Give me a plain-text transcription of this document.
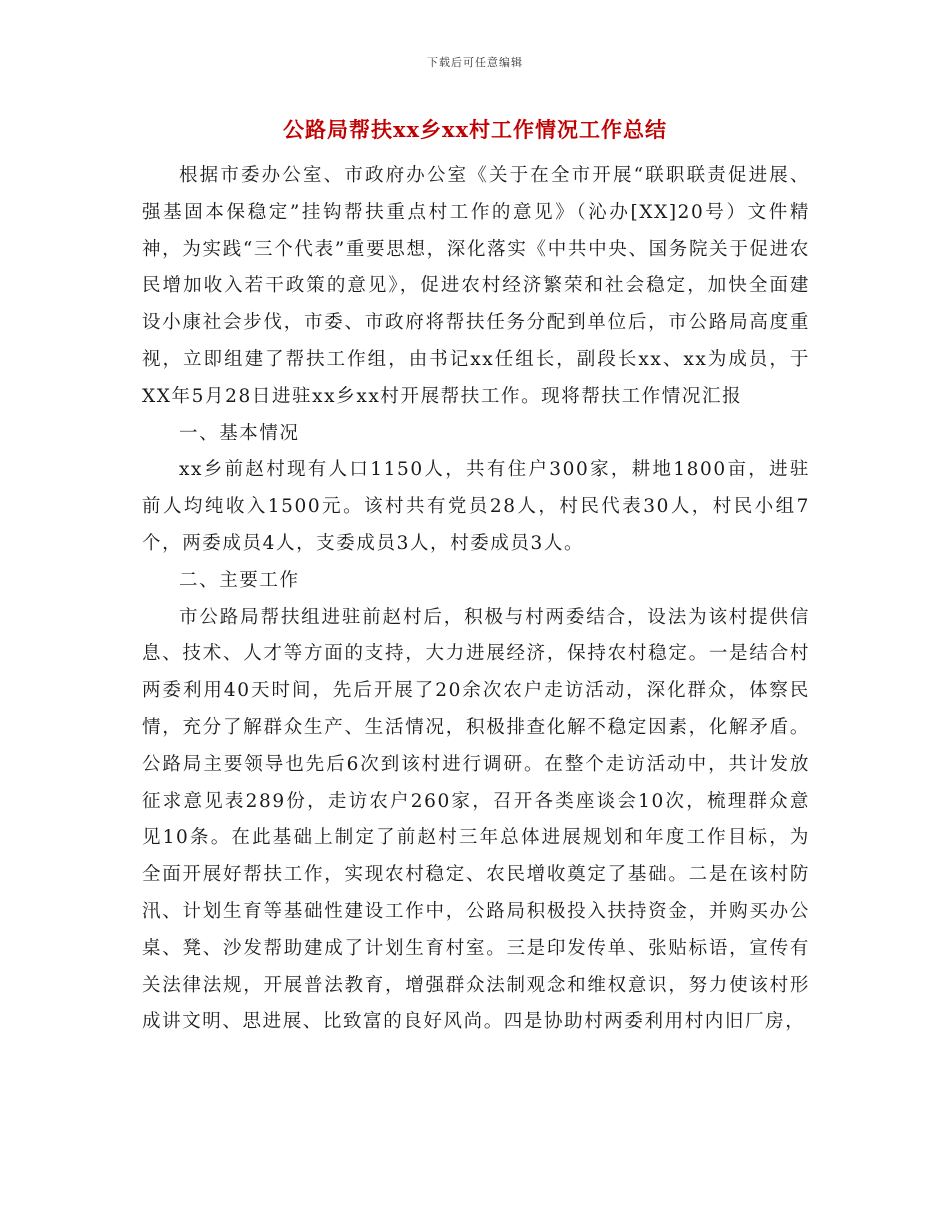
下载后可任意编辑
公路局帮扶xx乡xx村工作情况工作总结

根据市委办公室、市政府办公室《关于在全市开展“联职联责促进展、强基固本保稳定”挂钩帮扶重点村工作的意见》（沁办[XX]20号）文件精神，为实践“三个代表”重要思想，深化落实《中共中央、国务院关于促进农民增加收入若干政策的意见》，促进农村经济繁荣和社会稳定，加快全面建设小康社会步伐，市委、市政府将帮扶任务分配到单位后，市公路局高度重视，立即组建了帮扶工作组，由书记xx任组长，副段长xx、xx为成员，于XX年5月28日进驻xx乡xx村开展帮扶工作。现将帮扶工作情况汇报

一、基本情况

xx乡前赵村现有人口1150人，共有住户300家，耕地1800亩，进驻前人均纯收入1500元。该村共有党员28人，村民代表30人，村民小组7个，两委成员4人，支委成员3人，村委成员3人。

二、主要工作

市公路局帮扶组进驻前赵村后，积极与村两委结合，设法为该村提供信息、技术、人才等方面的支持，大力进展经济，保持农村稳定。一是结合村两委利用40天时间，先后开展了20余次农户走访活动，深化群众，体察民情，充分了解群众生产、生活情况，积极排查化解不稳定因素，化解矛盾。公路局主要领导也先后6次到该村进行调研。在整个走访活动中，共计发放征求意见表289份，走访农户260家，召开各类座谈会10次，梳理群众意见10条。在此基础上制定了前赵村三年总体进展规划和年度工作目标，为全面开展好帮扶工作，实现农村稳定、农民增收奠定了基础。二是在该村防汛、计划生育等基础性建设工作中，公路局积极投入扶持资金，并购买办公桌、凳、沙发帮助建成了计划生育村室。三是印发传单、张贴标语，宣传有关法律法规，开展普法教育，增强群众法制观念和维权意识，努力使该村形成讲文明、思进展、比致富的良好风尚。四是协助村两委利用村内旧厂房，
